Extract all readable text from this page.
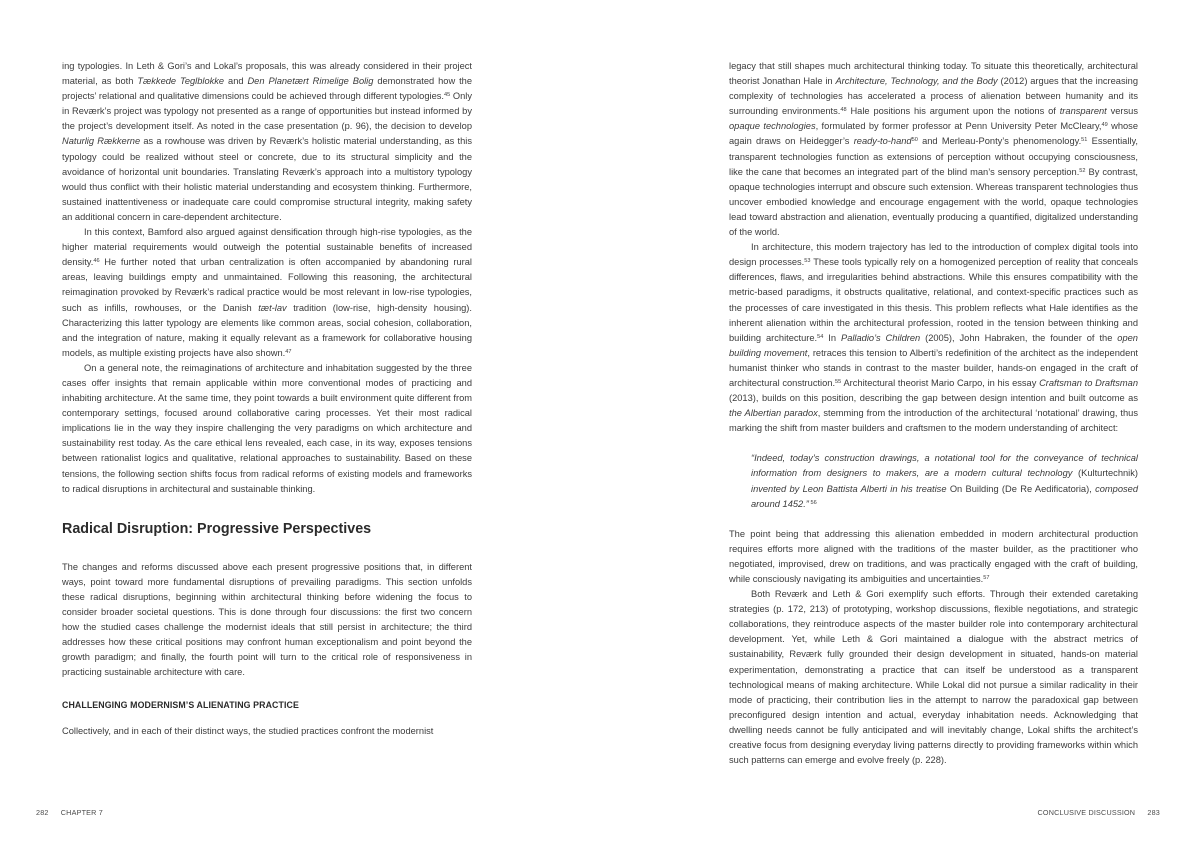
ing typologies. In Leth & Gori’s and Lokal’s proposals, this was already considered in their project material, as both Tækkede Teglblokke and Den Planetært Rimelige Bolig demonstrated how the projects’ relational and qualitative dimensions could be achieved through different typologies.$^{45}$ Only in Reværk’s project was typology not presented as a range of opportunities but instead informed by the project’s development itself. As noted in the case presentation (p. 96), the decision to develop Naturlig Rækkerne as a rowhouse was driven by Reværk’s holistic material understanding, as this typology could be realized without steel or concrete, due to its structural simplicity and the avoidance of horizontal unit boundaries. Translating Reværk’s approach into a multistory typology would thus conflict with their holistic material understanding and ecosystem thinking. Furthermore, sustained inattentiveness or inadequate care could compromise structural integrity, making safety an additional concern in care-dependent architecture.

In this context, Bamford also argued against densification through high-rise typologies, as the higher material requirements would outweigh the potential sustainable benefits of increased density.$^{46}$ He further noted that urban centralization is often accompanied by abandoning rural areas, leaving buildings empty and unmaintained. Following this reasoning, the architectural reimagination provoked by Reværk’s radical practice would be most relevant in low-rise typologies, such as infills, rowhouses, or the Danish tæt-lav tradition (low-rise, high-density housing). Characterizing this latter typology are elements like common areas, social cohesion, collaboration, and the integration of nature, making it equally relevant as a framework for collaborative housing models, as multiple existing projects have also shown.$^{47}$

On a general note, the reimaginations of architecture and inhabitation suggested by the three cases offer insights that remain applicable within more conventional modes of practicing and inhabiting architecture. At the same time, they point towards a built environment quite different from contemporary settings, focused around collaborative caring processes. Yet their most radical implications lie in the way they inspire challenging the very paradigms on which architecture and sustainability rest today. As the care ethical lens revealed, each case, in its way, exposes tensions between rationalist logics and qualitative, relational approaches to sustainability. Based on these tensions, the following section shifts focus from radical reforms of existing models and frameworks to radical disruptions in architectural and sustainable thinking.

Radical Disruption: Progressive Perspectives

The changes and reforms discussed above each present progressive positions that, in different ways, point toward more fundamental disruptions of prevailing paradigms. This section unfolds these radical disruptions, beginning within architectural thinking before widening the focus to consider broader societal questions. This is done through four discussions: the first two concern how the studied cases challenge the modernist ideals that still persist in architecture; the third addresses how these critical positions may confront human exceptionalism and point beyond the growth paradigm; and finally, the fourth point will turn to the critical role of responsiveness in practicing sustainable architecture with care.

CHALLENGING MODERNISM’S ALIENATING PRACTICE

Collectively, and in each of their distinct ways, the studied practices confront the modernist

282 CHAPTER 7

legacy that still shapes much architectural thinking today. To situate this theoretically, architectural theorist Jonathan Hale in Architecture, Technology, and the Body (2012) argues that the increasing complexity of technologies has accelerated a process of alienation between humanity and its surrounding environments.$^{48}$ Hale positions his argument upon the notions of transparent versus opaque technologies, formulated by former professor at Penn University Peter McCleary,$^{49}$ whose again draws on Heidegger’s ready-to-hand$^{50}$ and Merleau-Ponty’s phenomenology.$^{51}$ Essentially, transparent technologies function as extensions of perception without occupying consciousness, like the cane that becomes an integrated part of the blind man’s sensory perception.$^{52}$ By contrast, opaque technologies interrupt and obscure such extension. Whereas transparent technologies thus uncover embodied knowledge and encourage engagement with the world, opaque technologies lead toward abstraction and alienation, eventually producing a quantified, digitalized understanding of the world.

In architecture, this modern trajectory has led to the introduction of complex digital tools into design processes.$^{53}$ These tools typically rely on a homogenized perception of reality that conceals differences, flaws, and irregularities behind abstractions. While this ensures compatibility with the metric-based paradigms, it obstructs qualitative, relational, and context-specific practices such as the processes of care investigated in this thesis. This problem reflects what Hale identifies as the inherent alienation within the architectural profession, rooted in the tension between thinking and building architecture.$^{54}$ In Palladio’s Children (2005), John Habraken, the founder of the open building movement, retraces this tension to Alberti’s redefinition of the architect as the independent humanist thinker who stands in contrast to the master builder, hands-on engaged in the craft of architectural construction.$^{55}$ Architectural theorist Mario Carpo, in his essay Craftsman to Draftsman (2013), builds on this position, describing the gap between design intention and built outcome as the Albertian paradox, stemming from the introduction of the architectural ‘notational’ drawing, thus marking the shift from master builders and craftsmen to the modern understanding of architect:

“Indeed, today’s construction drawings, a notational tool for the conveyance of technical information from designers to makers, are a modern cultural technology (Kulturtechnik) invented by Leon Battista Alberti in his treatise On Building (De Re Aedificatoria), composed around 1452.” $^{56}$

The point being that addressing this alienation embedded in modern architectural production requires efforts more aligned with the traditions of the master builder, as the practitioner who negotiated, improvised, drew on traditions, and was practically engaged with the craft of building, while consciously navigating its ambiguities and uncertainties.$^{57}$

Both Reværk and Leth & Gori exemplify such efforts. Through their extended caretaking strategies (p. 172, 213) of prototyping, workshop discussions, flexible negotiations, and strategic collaborations, they reintroduce aspects of the master builder role into contemporary architectural development. Yet, while Leth & Gori maintained a dialogue with the abstract metrics of sustainability, Reværk fully grounded their design development in situated, hands-on material experimentation, demonstrating a practice that can itself be understood as a transparent technological means of making architecture. While Lokal did not pursue a similar radicality in their mode of practicing, their contribution lies in the attempt to narrow the paradoxical gap between preconfigured design intention and actual, everyday inhabitation needs. Acknowledging that dwelling needs cannot be fully anticipated and will inevitably change, Lokal shifts the architect’s creative focus from designing everyday living patterns directly to providing frameworks within which such patterns can emerge and evolve freely (p. 228).

CONCLUSIVE DISCUSSION 283
